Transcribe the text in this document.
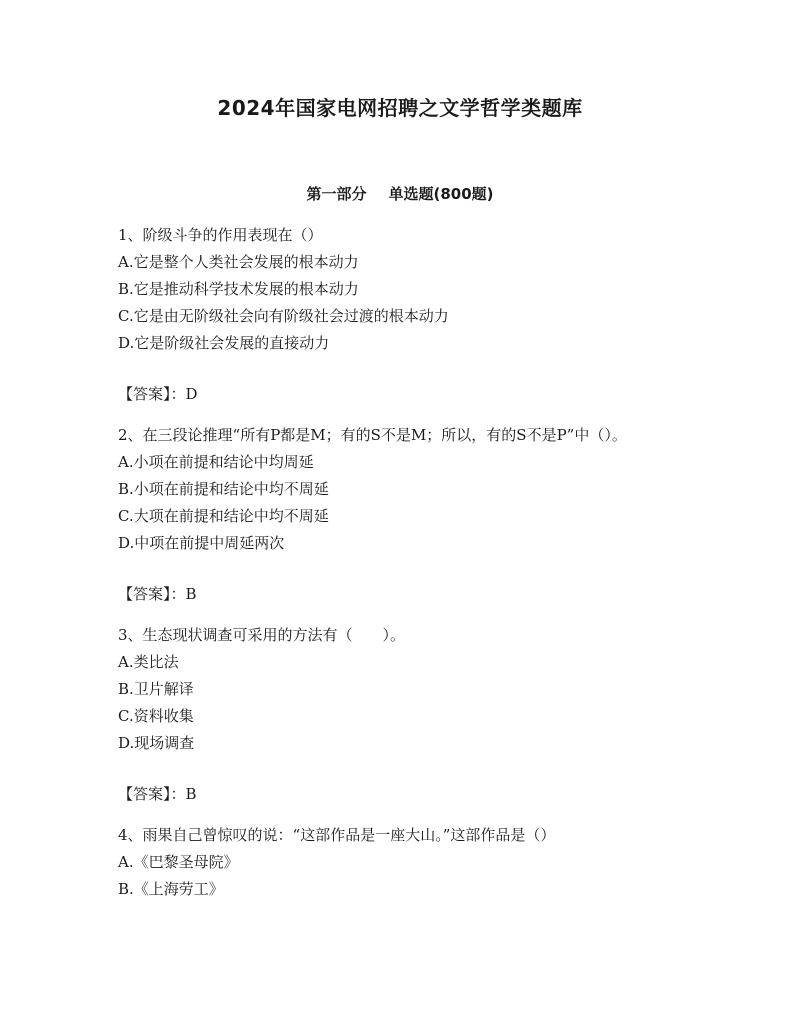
2024年国家电网招聘之文学哲学类题库
第一部分 单选题(800题)
1、阶级斗争的作用表现在（）
A.它是整个人类社会发展的根本动力
B.它是推动科学技术发展的根本动力
C.它是由无阶级社会向有阶级社会过渡的根本动力
D.它是阶级社会发展的直接动力
【答案】：D
2、在三段论推理“所有P都是M；有的S不是M；所以，有的S不是P”中（）。
A.小项在前提和结论中均周延
B.小项在前提和结论中均不周延
C.大项在前提和结论中均不周延
D.中项在前提中周延两次
【答案】：B
3、生态现状调查可采用的方法有（　　）。
A.类比法
B.卫片解译
C.资料收集
D.现场调查
【答案】：B
4、雨果自己曾惊叹的说：“这部作品是一座大山。”这部作品是（）
A.《巴黎圣母院》
B.《上海劳工》
